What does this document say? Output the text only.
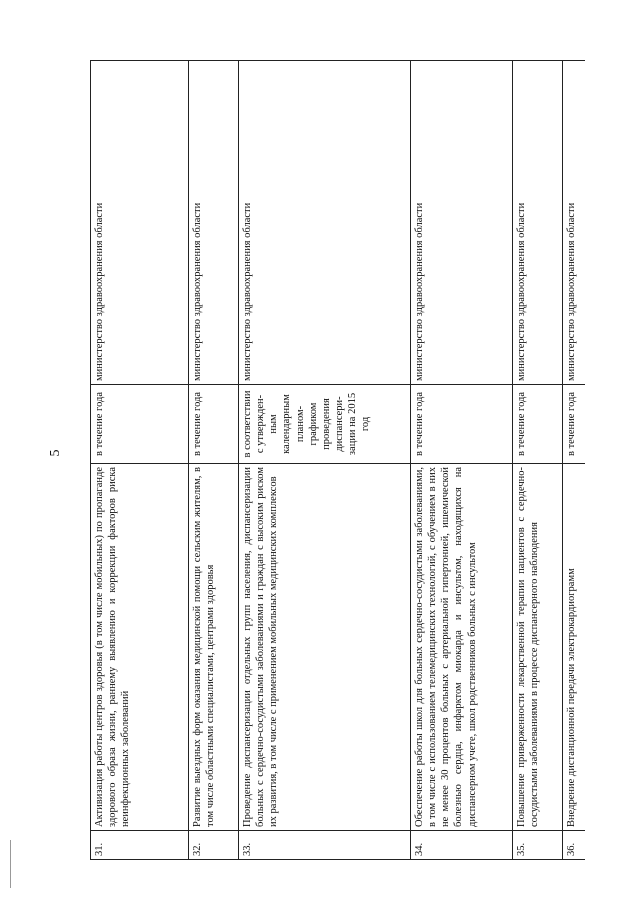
5
31.	Активизация работы центров здоровья (в том числе мобильных) по пропаганде здорового образа жизни, раннему выявлению и коррекции факторов риска неинфекционных заболеваний	в течение года	министерство здравоохранения области
32.	Развитие выездных форм оказания медицинской помощи сельским жителям, в том числе областными специалистами, центрами здоровья	в течение года	министерство здравоохранения области
33.	Проведение диспансеризации отдельных групп населения, диспансеризации больных с сердечно-сосудистыми заболеваниями и граждан с высоким риском их развития, в том числе с применением мобильных медицинских комплексов	в соответствии с утвержден-ным календарным планом-графиком проведения диспансери-зации на 2015 год	министерство здравоохранения области
34.	Обеспечение работы школ для больных сердечно-сосудистыми заболеваниями, в том числе с использованием телемедицинских технологий, с обучением в них не менее 30 процентов больных с артериальной гипертонией, ишемической болезнью сердца, инфарктом миокарда и инсультом, находящихся на диспансерном учете, школ родственников больных с инсультом	в течение года	министерство здравоохранения области
35.	Повышение приверженности лекарственной терапии пациентов с сердечно-сосудистыми заболеваниями в процессе диспансерного наблюдения	в течение года	министерство здравоохранения области
36.	Внедрение дистанционной передачи электрокардиограмм	в течение года	министерство здравоохранения области
